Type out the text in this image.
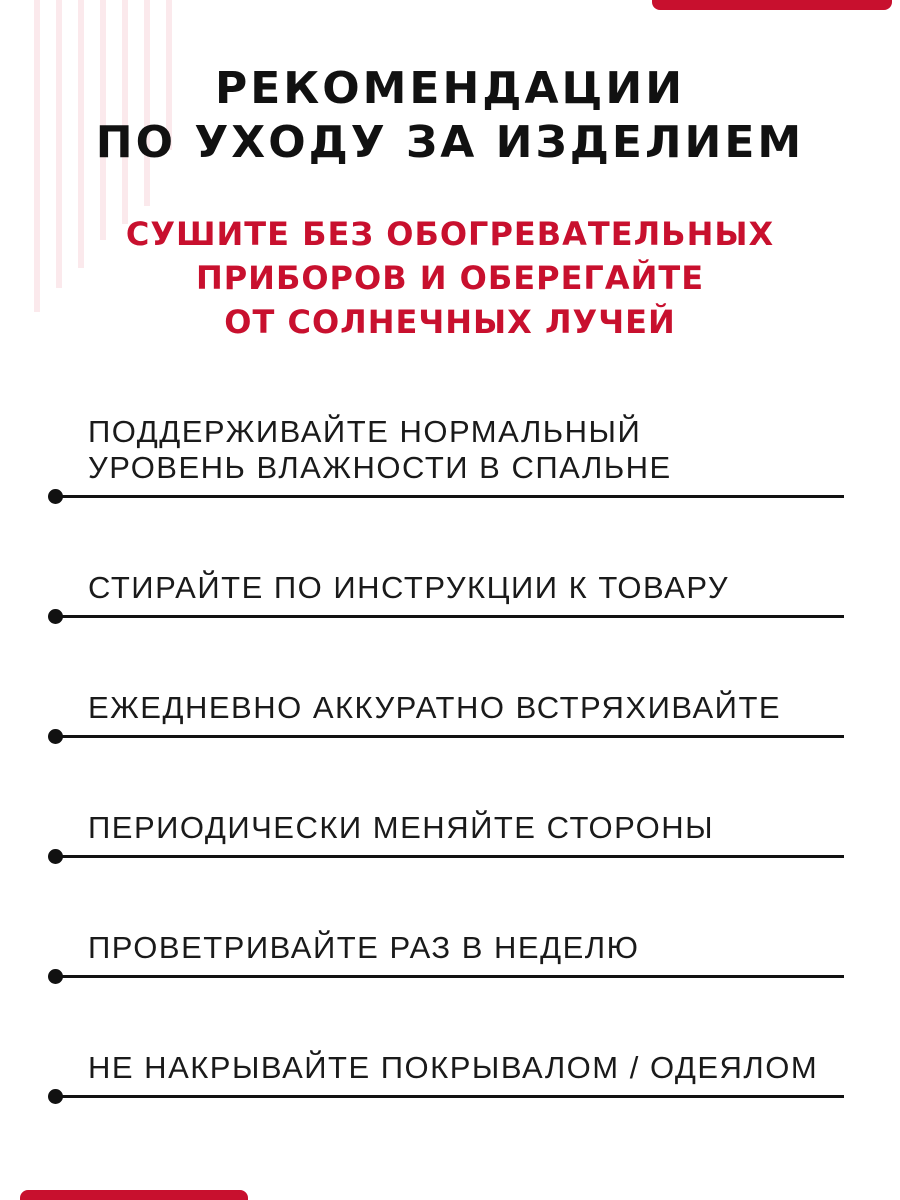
РЕКОМЕНДАЦИИ
ПО УХОДУ ЗА ИЗДЕЛИЕМ

СУШИТЕ БЕЗ ОБОГРЕВАТЕЛЬНЫХ
ПРИБОРОВ И ОБЕРЕГАЙТЕ
ОТ СОЛНЕЧНЫХ ЛУЧЕЙ

ПОДДЕРЖИВАЙТЕ НОРМАЛЬНЫЙ
УРОВЕНЬ ВЛАЖНОСТИ В СПАЛЬНЕ
СТИРАЙТЕ ПО ИНСТРУКЦИИ К ТОВАРУ
ЕЖЕДНЕВНО АККУРАТНО ВСТРЯХИВАЙТЕ
ПЕРИОДИЧЕСКИ МЕНЯЙТЕ СТОРОНЫ
ПРОВЕТРИВАЙТЕ РАЗ В НЕДЕЛЮ
НЕ НАКРЫВАЙТЕ ПОКРЫВАЛОМ / ОДЕЯЛОМ
